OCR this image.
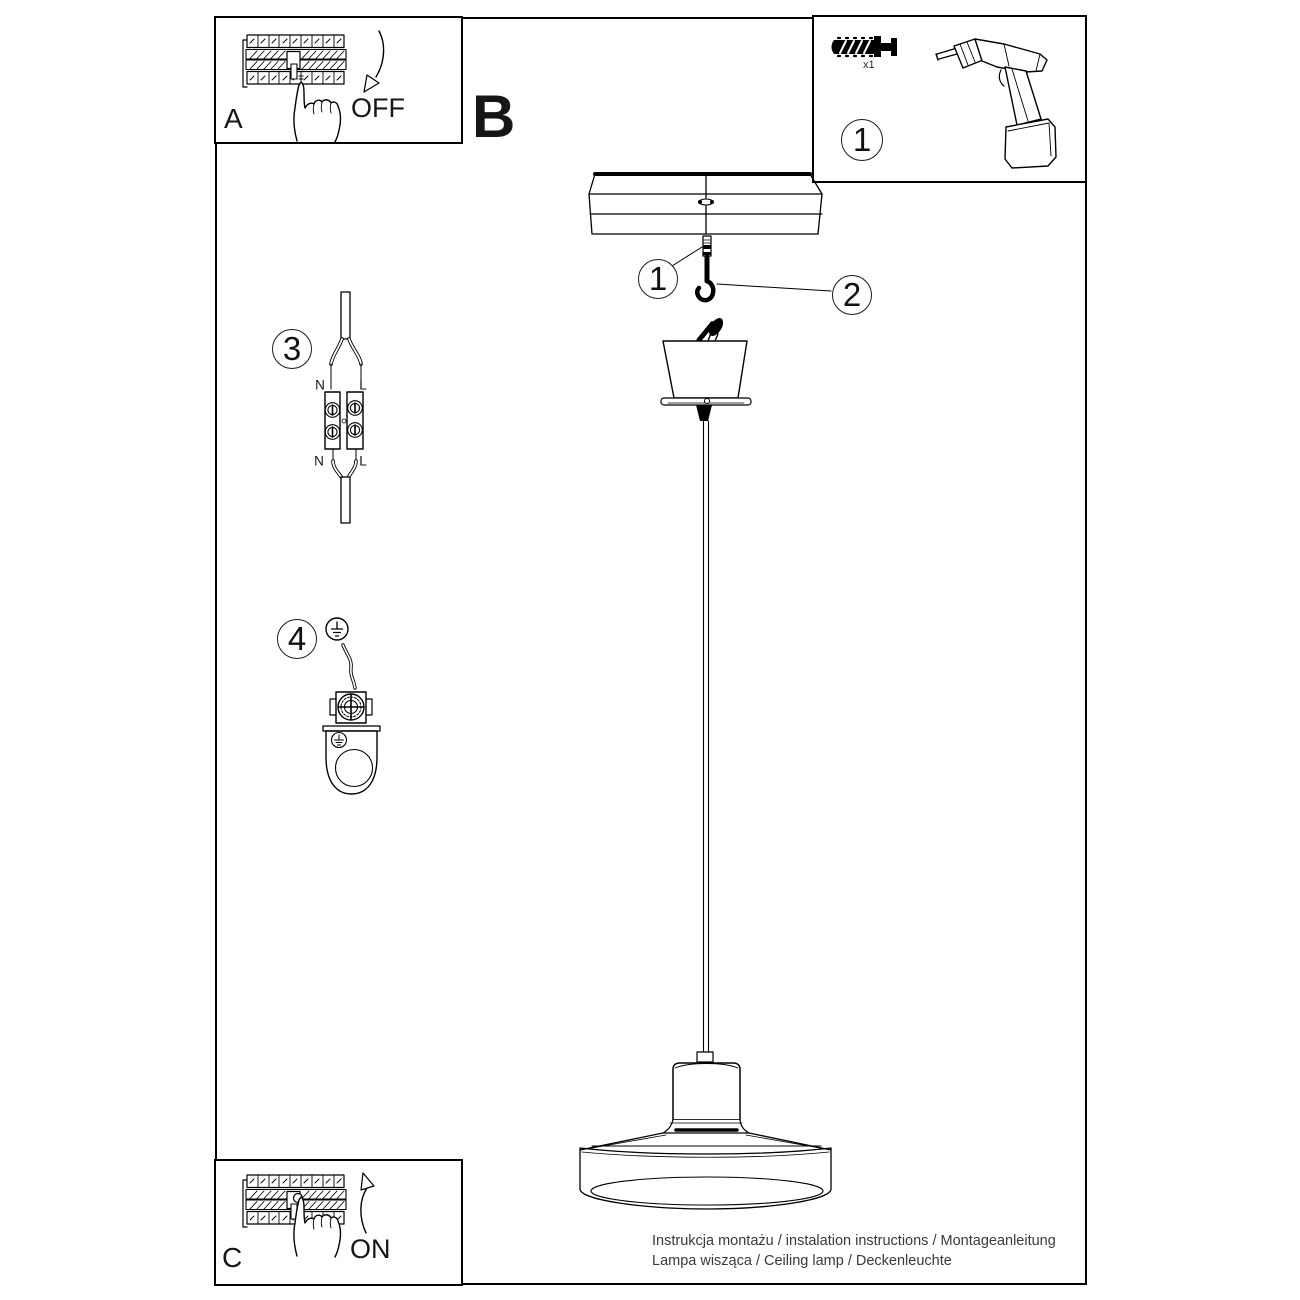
A	OFF B
x1
C	ON
1
1	2
3
4
N	L
N	L
Instrukcja montażu / instalation instructions / Montageanleitung
Lampa wisząca / Ceiling lamp / Deckenleuchte
